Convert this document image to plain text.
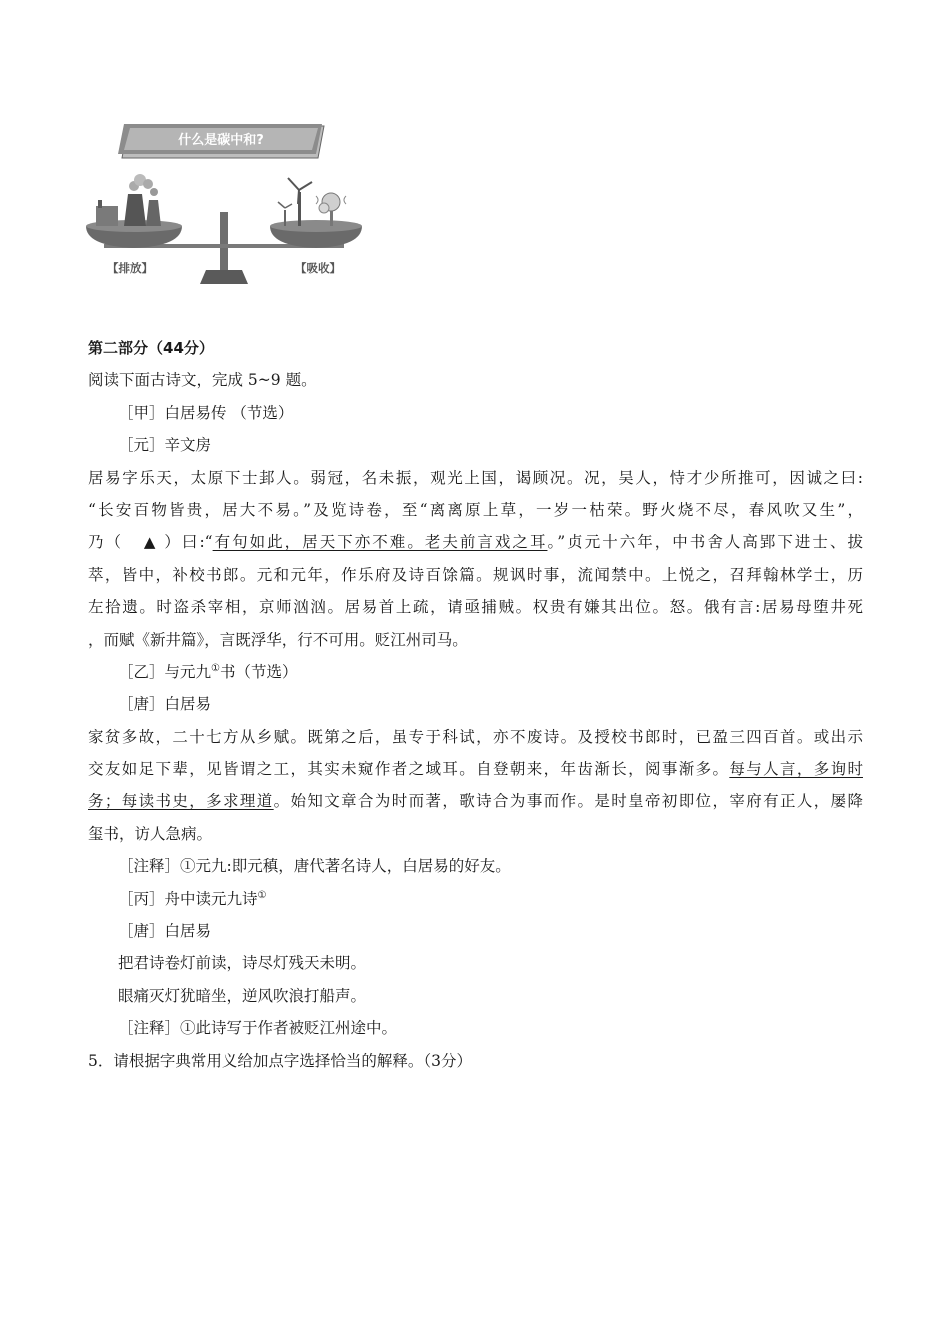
什么是碳中和?
【排放】	【吸收】
第二部分（44分）
阅读下面古诗文，完成 5~9 题。
［甲］白居易传 （节选）
［元］辛文房
居易字乐天，太原下士邽人。弱冠，名未振，观光上国，谒顾况。况，吴人，恃才少所推可，因诚之曰:
“长安百物皆贵，居大不易。”及览诗卷，至“离离原上草，一岁一枯荣。野火烧不尽，春风吹又生”，
乃（ ▲ ）曰:“有句如此，居天下亦不难。老夫前言戏之耳。”贞元十六年，中书舍人高郢下进士、拔
萃，皆中，补校书郎。元和元年，作乐府及诗百馀篇。规讽时事，流闻禁中。上悦之，召拜翰林学士，历
左拾遗。时盗杀宰相，京师汹汹。居易首上疏，请亟捕贼。权贵有嫌其出位。怒。俄有言:居易母堕井死
，而赋《新井篇》，言既浮华，行不可用。贬江州司马。
［乙］与元九①书（节选）
［唐］白居易
家贫多故，二十七方从乡赋。既第之后，虽专于科试，亦不废诗。及授校书郎时，已盈三四百首。或出示
交友如足下辈，见皆谓之工，其实未窥作者之域耳。自登朝来，年齿渐长，阅事渐多。每与人言，多询时
务；每读书史，多求理道。始知文章合为时而著，歌诗合为事而作。是时皇帝初即位，宰府有正人，屡降
玺书，访人急病。
［注释］①元九:即元稹，唐代著名诗人，白居易的好友。
［丙］舟中读元九诗①
［唐］白居易
把君诗卷灯前读，诗尽灯残天未明。
眼痛灭灯犹暗坐，逆风吹浪打船声。
［注释］①此诗写于作者被贬江州途中。
5．请根据字典常用义给加点字选择恰当的解释。（3分）
